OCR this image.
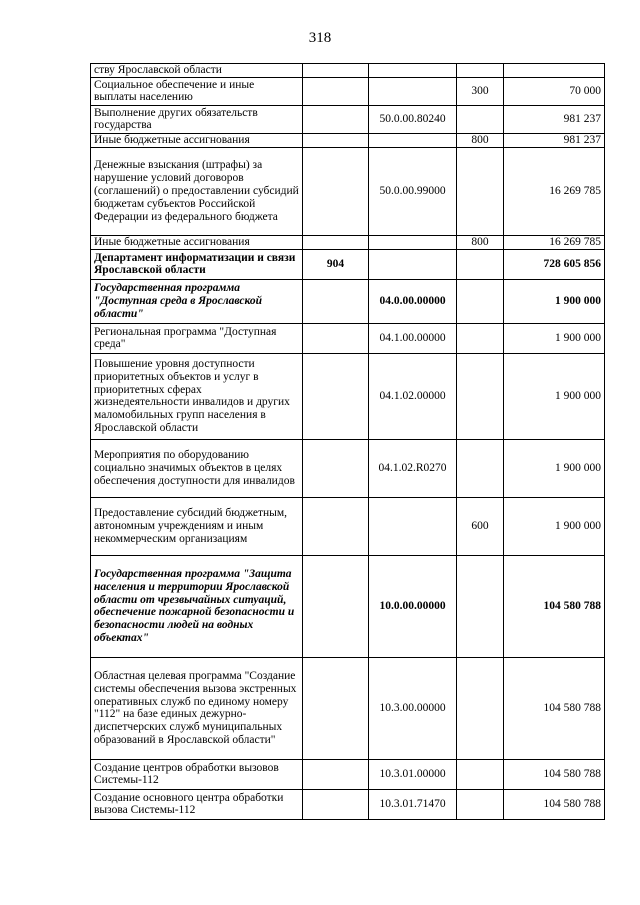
318
ству Ярославской области				
Социальное обеспечение и иные выплаты населению			300	70 000
Выполнение других обязательств государства		50.0.00.80240		981 237
Иные бюджетные ассигнования			800	981 237
Денежные взыскания (штрафы) за нарушение условий договоров (соглашений) о предоставлении субсидий бюджетам субъектов Российской Федерации из федерального бюджета		50.0.00.99000		16 269 785
Иные бюджетные ассигнования			800	16 269 785
Департамент информатизации и связи Ярославской области	904			728 605 856
Государственная программа "Доступная среда в Ярославской области"		04.0.00.00000		1 900 000
Региональная программа "Доступная среда"		04.1.00.00000		1 900 000
Повышение уровня доступности приоритетных объектов и услуг в приоритетных сферах жизнедеятельности инвалидов и других маломобильных групп населения в Ярославской области		04.1.02.00000		1 900 000
Мероприятия по оборудованию социально значимых объектов в целях обеспечения доступности для инвалидов		04.1.02.R0270		1 900 000
Предоставление субсидий бюджетным, автономным учреждениям и иным некоммерческим организациям			600	1 900 000
Государственная программа "Защита населения и территории Ярославской области от чрезвычайных ситуаций, обеспечение пожарной безопасности и безопасности людей на водных объектах"		10.0.00.00000		104 580 788
Областная целевая программа "Создание системы обеспечения вызова экстренных оперативных служб по единому номеру "112" на базе единых дежурно-диспетчерских служб муниципальных образований в Ярославской области"		10.3.00.00000		104 580 788
Создание центров обработки вызовов Системы-112		10.3.01.00000		104 580 788
Создание основного центра обработки вызова Системы-112		10.3.01.71470		104 580 788
